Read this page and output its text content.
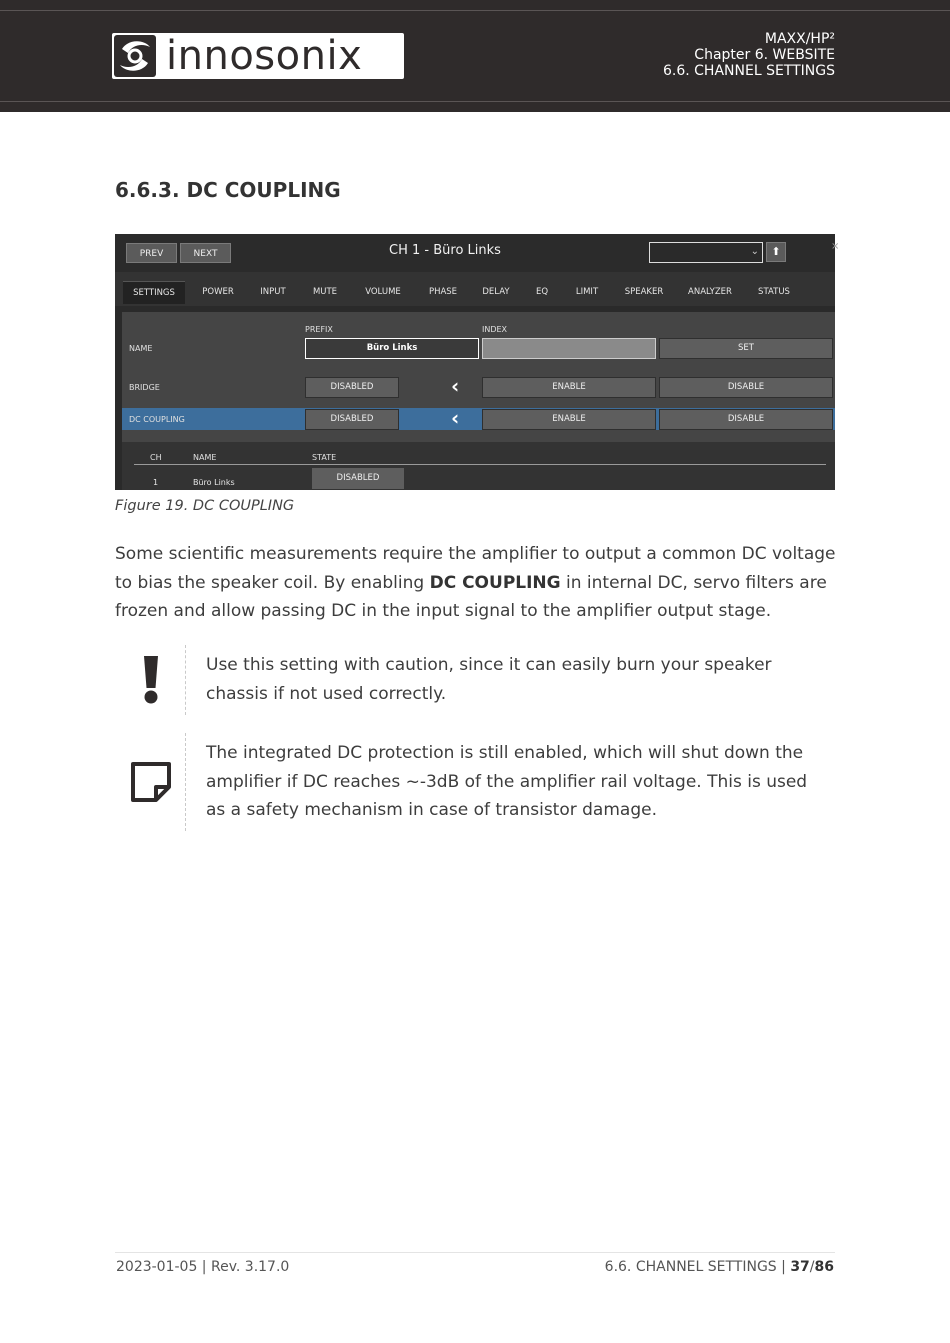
innosonix	MAXX/HP²
Chapter 6. WEBSITE
6.6. CHANNEL SETTINGS
6.6.3. DC COUPLING
PREV	NEXT	CH 1 - Büro Links	⌄	⬆	×
SETTINGS	POWER	INPUT	MUTE	VOLUME	PHASE	DELAY	EQ	LIMIT	SPEAKER	ANALYZER	STATUS
PREFIX	INDEX
NAME	Büro Links	SET
BRIDGE	DISABLED	‹	ENABLE	DISABLE
DC COUPLING	DISABLED	‹	ENABLE	DISABLE
CH	NAME	STATE
1	Büro Links	DISABLED

Figure 19. DC COUPLING

Some scientific measurements require the amplifier to output a common DC voltage to bias the speaker coil. By enabling DC COUPLING in internal DC, servo filters are frozen and allow passing DC in the input signal to the amplifier output stage.

Use this setting with caution, since it can easily burn your speaker chassis if not used correctly.

The integrated DC protection is still enabled, which will shut down the amplifier if DC reaches ~-3dB of the amplifier rail voltage. This is used as a safety mechanism in case of transistor damage.

2023-01-05 | Rev. 3.17.0	6.6. CHANNEL SETTINGS | 37/86
